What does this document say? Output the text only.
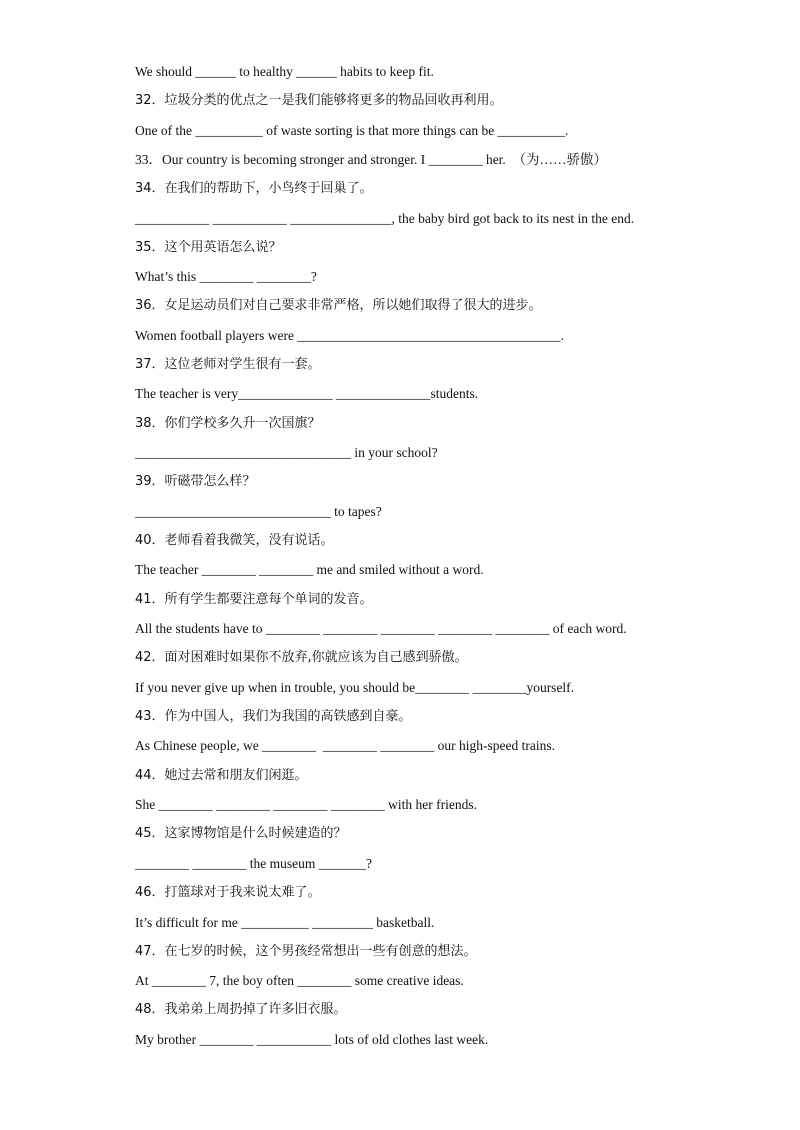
We should ______ to healthy ______ habits to keep fit.
32．垃圾分类的优点之一是我们能够将更多的物品回收再利用。
One of the __________ of waste sorting is that more things can be __________.
33．Our country is becoming stronger and stronger. I ________ her.  （为……骄傲）
34．在我们的帮助下，小鸟终于回巢了。
___________ ___________ _______________, the baby bird got back to its nest in the end.
35．这个用英语怎么说？
What’s this ________ ________?
36．女足运动员们对自己要求非常严格，所以她们取得了很大的进步。
Women football players were _______________________________________.
37．这位老师对学生很有一套。
The teacher is very______________ ______________students.
38．你们学校多久升一次国旗？
________________________________ in your school?
39．听磁带怎么样？
_____________________________ to tapes?
40．老师看着我微笑，没有说话。
The teacher ________ ________ me and smiled without a word.
41．所有学生都要注意每个单词的发音。
All the students have to ________ ________ ________ ________ ________ of each word.
42．面对困难时如果你不放弃,你就应该为自己感到骄傲。
If you never give up when in trouble, you should be________ ________yourself.
43．作为中国人，我们为我国的高铁感到自豪。
As Chinese people, we ________  ________ ________ our high-speed trains.
44．她过去常和朋友们闲逛。
She ________ ________ ________ ________ with her friends.
45．这家博物馆是什么时候建造的？
________ ________ the museum _______?
46．打篮球对于我来说太难了。
It’s difficult for me __________ _________ basketball.
47．在七岁的时候，这个男孩经常想出一些有创意的想法。
At ________ 7, the boy often ________ some creative ideas.
48．我弟弟上周扔掉了许多旧衣服。
My brother ________ ___________ lots of old clothes last week.
